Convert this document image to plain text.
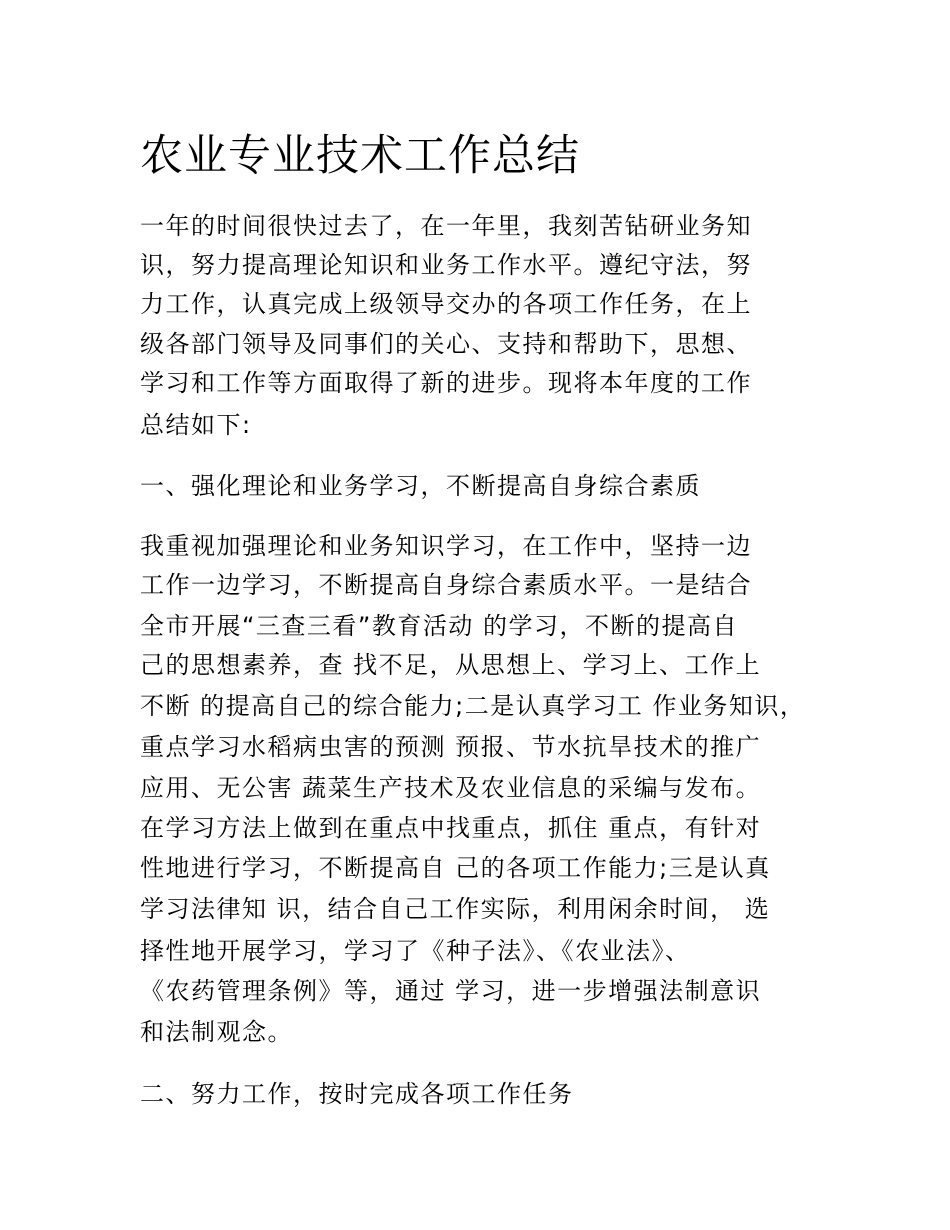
农业专业技术工作总结

一年的时间很快过去了，在一年里，我刻苦钻研业务知

识，努力提高理论知识和业务工作水平。遵纪守法，努

力工作，认真完成上级领导交办的各项工作任务，在上

级各部门领导及同事们的关心、支持和帮助下，思想、

学习和工作等方面取得了新的进步。现将本年度的工作

总结如下:

一、强化理论和业务学习，不断提高自身综合素质

我重视加强理论和业务知识学习，在工作中，坚持一边

工作一边学习，不断提高自身综合素质水平。一是结合

全市开展“三查三看”教育活动 的学习，不断的提高自

己的思想素养，查 找不足，从思想上、学习上、工作上

不断 的提高自己的综合能力;二是认真学习工 作业务知识，

重点学习水稻病虫害的预测 预报、节水抗旱技术的推广

应用、无公害 蔬菜生产技术及农业信息的采编与发布。

在学习方法上做到在重点中找重点，抓住 重点，有针对

性地进行学习，不断提高自 己的各项工作能力;三是认真

学习法律知 识，结合自己工作实际，利用闲余时间， 选

择性地开展学习，学习了《种子法》、《农业法》、

《农药管理条例》等，通过 学习，进一步增强法制意识

和法制观念。

二、努力工作，按时完成各项工作任务
